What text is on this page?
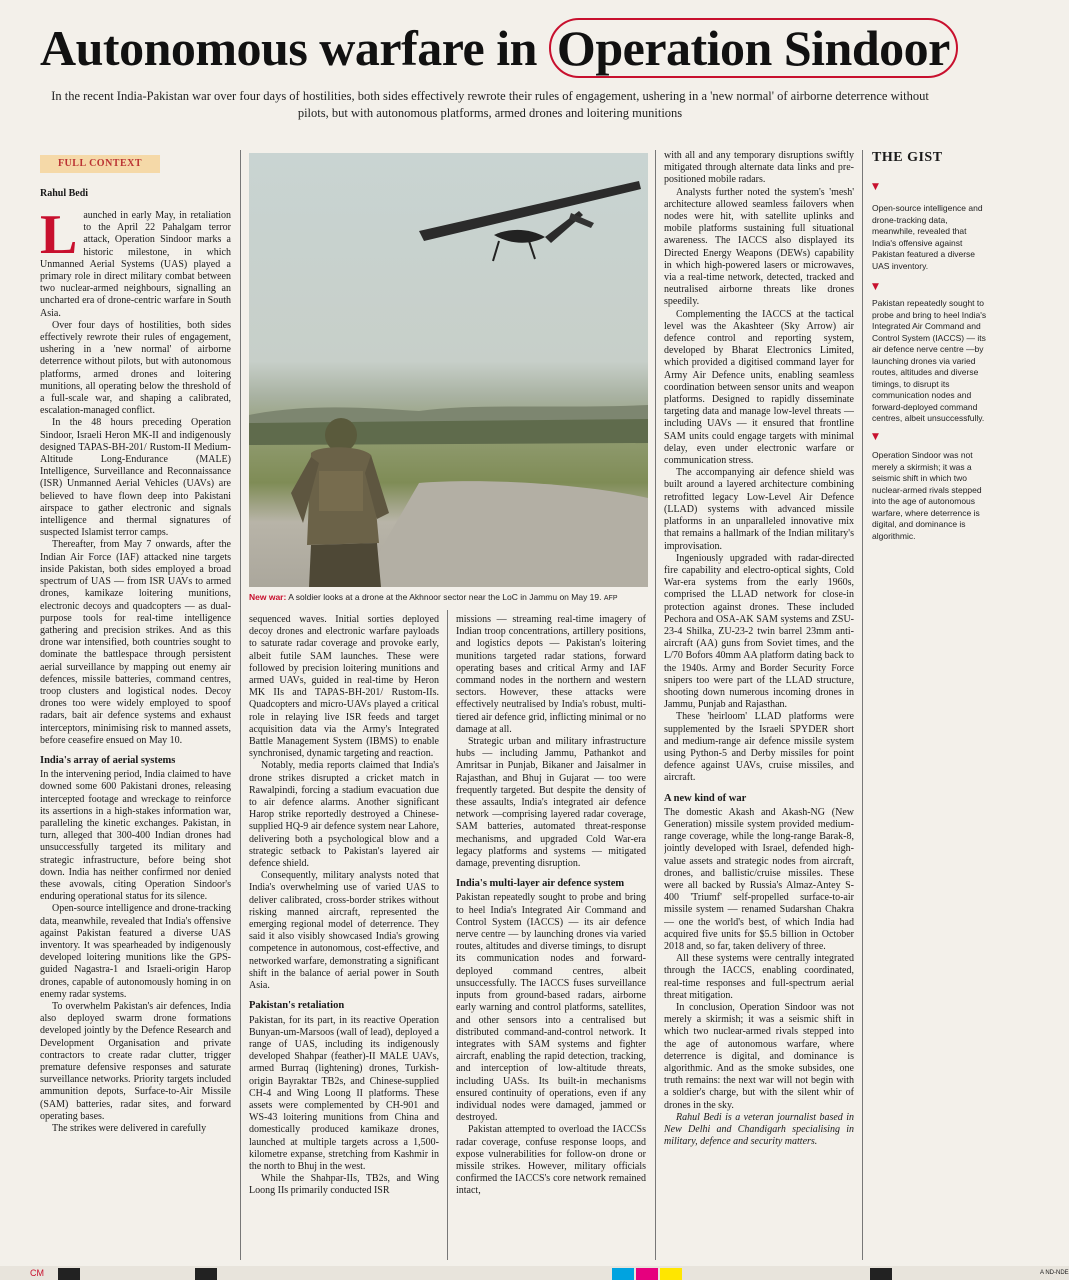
Autonomous warfare in Operation Sindoor
In the recent India-Pakistan war over four days of hostilities, both sides effectively rewrote their rules of engagement, ushering in a 'new normal' of airborne deterrence without pilots, but with autonomous platforms, armed drones and loitering munitions
FULL CONTEXT
Rahul Bedi
L aunched in early May, in retaliation to the April 22 Pahalgam terror attack, Operation Sindoor marks a historic milestone, in which Unmanned Aerial Systems (UAS) played a primary role in direct military combat between two nuclear-armed neighbours, signalling an uncharted era of drone-centric warfare in South Asia.

Over four days of hostilities, both sides effectively rewrote their rules of engagement, ushering in a 'new normal' of airborne deterrence without pilots, but with autonomous platforms, armed drones and loitering munitions, all operating below the threshold of a full-scale war, and shaping a calibrated, escalation-managed conflict.

In the 48 hours preceding Operation Sindoor, Israeli Heron MK-II and indigenously designed TAPAS-BH-201/ Rustom-II Medium-Altitude Long-Endurance (MALE) Intelligence, Surveillance and Reconnaissance (ISR) Unmanned Aerial Vehicles (UAVs) are believed to have flown deep into Pakistani airspace to gather electronic and signals intelligence and thermal signatures of suspected Islamist terror camps.

Thereafter, from May 7 onwards, after the Indian Air Force (IAF) attacked nine targets inside Pakistan, both sides employed a broad spectrum of UAS — from ISR UAVs to armed drones, kamikaze loitering munitions, electronic decoys and quadcopters — as dual-purpose tools for real-time intelligence gathering and precision strikes. And as this drone war intensified, both countries sought to dominate the battlespace through persistent aerial surveillance by mapping out enemy air defences, missile batteries, command centres, troop clusters and logistical nodes. Decoy drones too were widely employed to spoof radars, bait air defence systems and exhaust interceptors, minimising risk to manned assets, before ceasefire ensued on May 10.

India's array of aerial systems

In the intervening period, India claimed to have downed some 600 Pakistani drones, releasing intercepted footage and wreckage to reinforce its assertions in a high-stakes information war, paralleling the kinetic exchanges. Pakistan, in turn, alleged that 300-400 Indian drones had unsuccessfully targeted its military and strategic infrastructure, before being shot down. India has neither confirmed nor denied these avowals, citing Operation Sindoor's enduring operational status for its silence.

Open-source intelligence and drone-tracking data, meanwhile, revealed that India's offensive against Pakistan featured a diverse UAS inventory. It was spearheaded by indigenously developed loitering munitions like the GPS-guided Nagastra-1 and Israeli-origin Harop drones, capable of autonomously homing in on enemy radar systems.

To overwhelm Pakistan's air defences, India also deployed swarm drone formations developed jointly by the Defence Research and Development Organisation and private contractors to create radar clutter, trigger premature defensive responses and saturate surveillance networks. Priority targets included ammunition depots, Surface-to-Air Missile (SAM) batteries, radar sites, and forward operating bases.

The strikes were delivered in carefully

New war: A soldier looks at a drone at the Akhnoor sector near the LoC in Jammu on May 19. AFP

sequenced waves. Initial sorties deployed decoy drones and electronic warfare payloads to saturate radar coverage and provoke early, albeit futile SAM launches. These were followed by precision loitering munitions and armed UAVs, guided in real-time by Heron MK IIs and TAPAS-BH-201/ Rustom-IIs. Quadcopters and micro-UAVs played a critical role in relaying live ISR feeds and target acquisition data via the Army's Integrated Battle Management System (IBMS) to enable synchronised, dynamic targeting and reaction.

Notably, media reports claimed that India's drone strikes disrupted a cricket match in Rawalpindi, forcing a stadium evacuation due to air defence alarms. Another significant Harop strike reportedly destroyed a Chinese-supplied HQ-9 air defence system near Lahore, delivering both a psychological blow and a strategic setback to Pakistan's layered air defence shield.

Consequently, military analysts noted that India's overwhelming use of varied UAS to deliver calibrated, cross-border strikes without risking manned aircraft, represented the emerging regional model of deterrence. They said it also visibly showcased India's growing competence in autonomous, cost-effective, and networked warfare, demonstrating a significant shift in the balance of aerial power in South Asia.

Pakistan's retaliation

Pakistan, for its part, in its reactive Operation Bunyan-um-Marsoos (wall of lead), deployed a range of UAS, including its indigenously developed Shahpar (feather)-II MALE UAVs, armed Burraq (lightening) drones, Turkish-origin Bayraktar TB2s, and Chinese-supplied CH-4 and Wing Loong II platforms. These assets were complemented by CH-901 and WS-43 loitering munitions from China and domestically produced kamikaze drones, launched at multiple targets across a 1,500-kilometre expanse, stretching from Kashmir in the north to Bhuj in the west.

While the Shahpar-IIs, TB2s, and Wing Loong IIs primarily conducted ISR

missions — streaming real-time imagery of Indian troop concentrations, artillery positions, and logistics depots — Pakistan's loitering munitions targeted radar stations, forward operating bases and critical Army and IAF command nodes in the northern and western sectors. However, these attacks were effectively neutralised by India's robust, multi-tiered air defence grid, inflicting minimal or no damage at all.

Strategic urban and military infrastructure hubs — including Jammu, Pathankot and Amritsar in Punjab, Bikaner and Jaisalmer in Rajasthan, and Bhuj in Gujarat — too were frequently targeted. But despite the density of these assaults, India's integrated air defence network —comprising layered radar coverage, SAM batteries, automated threat-response mechanisms, and upgraded Cold War-era legacy platforms and systems — mitigated damage, preventing disruption.

India's multi-layer air defence system

Pakistan repeatedly sought to probe and bring to heel India's Integrated Air Command and Control System (IACCS) — its air defence nerve centre — by launching drones via varied routes, altitudes and diverse timings, to disrupt its communication nodes and forward-deployed command centres, albeit unsuccessfully. The IACCS fuses surveillance inputs from ground-based radars, airborne early warning and control platforms, satellites, and other sensors into a centralised but distributed command-and-control network. It integrates with SAM systems and fighter aircraft, enabling the rapid detection, tracking, and interception of low-altitude threats, including UASs. Its built-in mechanisms ensured continuity of operations, even if any individual nodes were damaged, jammed or destroyed.

Pakistan attempted to overload the IACCSs radar coverage, confuse response loops, and expose vulnerabilities for follow-on drone or missile strikes. However, military officials confirmed the IACCS's core network remained intact,

with all and any temporary disruptions swiftly mitigated through alternate data links and pre-positioned mobile radars.

Analysts further noted the system's 'mesh' architecture allowed seamless failovers when nodes were hit, with satellite uplinks and mobile platforms sustaining full situational awareness. The IACCS also displayed its Directed Energy Weapons (DEWs) capability in which high-powered lasers or microwaves, via a real-time network, detected, tracked and neutralised airborne threats like drones speedily.

Complementing the IACCS at the tactical level was the Akashteer (Sky Arrow) air defence control and reporting system, developed by Bharat Electronics Limited, which provided a digitised command layer for Army Air Defence units, enabling seamless coordination between sensor units and weapon platforms. Designed to rapidly disseminate targeting data and manage low-level threats — including UAVs — it ensured that frontline SAM units could engage targets with minimal delay, even under electronic warfare or communication stress.

The accompanying air defence shield was built around a layered architecture combining retrofitted legacy Low-Level Air Defence (LLAD) systems with advanced missile platforms in an unparalleled innovative mix that remains a hallmark of the Indian military's improvisation.

Ingeniously upgraded with radar-directed fire capability and electro-optical sights, Cold War-era systems from the early 1960s, comprised the LLAD network for close-in protection against drones. These included Pechora and OSA-AK SAM systems and ZSU-23-4 Shilka, ZU-23-2 twin barrel 23mm anti-aircraft (AA) guns from Soviet times, and the L/70 Bofors 40mm AA platform dating back to the 1940s. Army and Border Security Force snipers too were part of the LLAD structure, shooting down numerous incoming drones in Jammu, Punjab and Rajasthan.

These 'heirloom' LLAD platforms were supplemented by the Israeli SPYDER short and medium-range air defence missile system using Python-5 and Derby missiles for point defence against UAVs, cruise missiles, and aircraft.

A new kind of war

The domestic Akash and Akash-NG (New Generation) missile system provided medium-range coverage, while the long-range Barak-8, jointly developed with Israel, defended high-value assets and strategic nodes from aircraft, drones, and ballistic/cruise missiles. These were all backed by Russia's Almaz-Antey S-400 'Triumf' self-propelled surface-to-air missile system — renamed Sudarshan Chakra — one the world's best, of which India had acquired five units for $5.5 billion in October 2018 and, so far, taken delivery of three.

All these systems were centrally integrated through the IACCS, enabling coordinated, real-time responses and full-spectrum aerial threat mitigation.

In conclusion, Operation Sindoor was not merely a skirmish; it was a seismic shift in which two nuclear-armed rivals stepped into the age of autonomous warfare, where deterrence is digital, and dominance is algorithmic. And as the smoke subsides, one truth remains: the next war will not begin with a soldier's charge, but with the silent whir of drones in the sky.

Rahul Bedi is a veteran journalist based in New Delhi and Chandigarh specialising in military, defence and security matters.

THE GIST
▼
Open-source intelligence and drone-tracking data, meanwhile, revealed that India's offensive against Pakistan featured a diverse UAS inventory.
▼
Pakistan repeatedly sought to probe and bring to heel India's Integrated Air Command and Control System (IACCS) — its air defence nerve centre —by launching drones via varied routes, altitudes and diverse timings, to disrupt its communication nodes and forward-deployed command centres, albeit unsuccessfully.
▼
Operation Sindoor was not merely a skirmish; it was a seismic shift in which two nuclear-armed rivals stepped into the age of autonomous warfare, where deterrence is digital, and dominance is algorithmic.
CM	A ND-NDE
